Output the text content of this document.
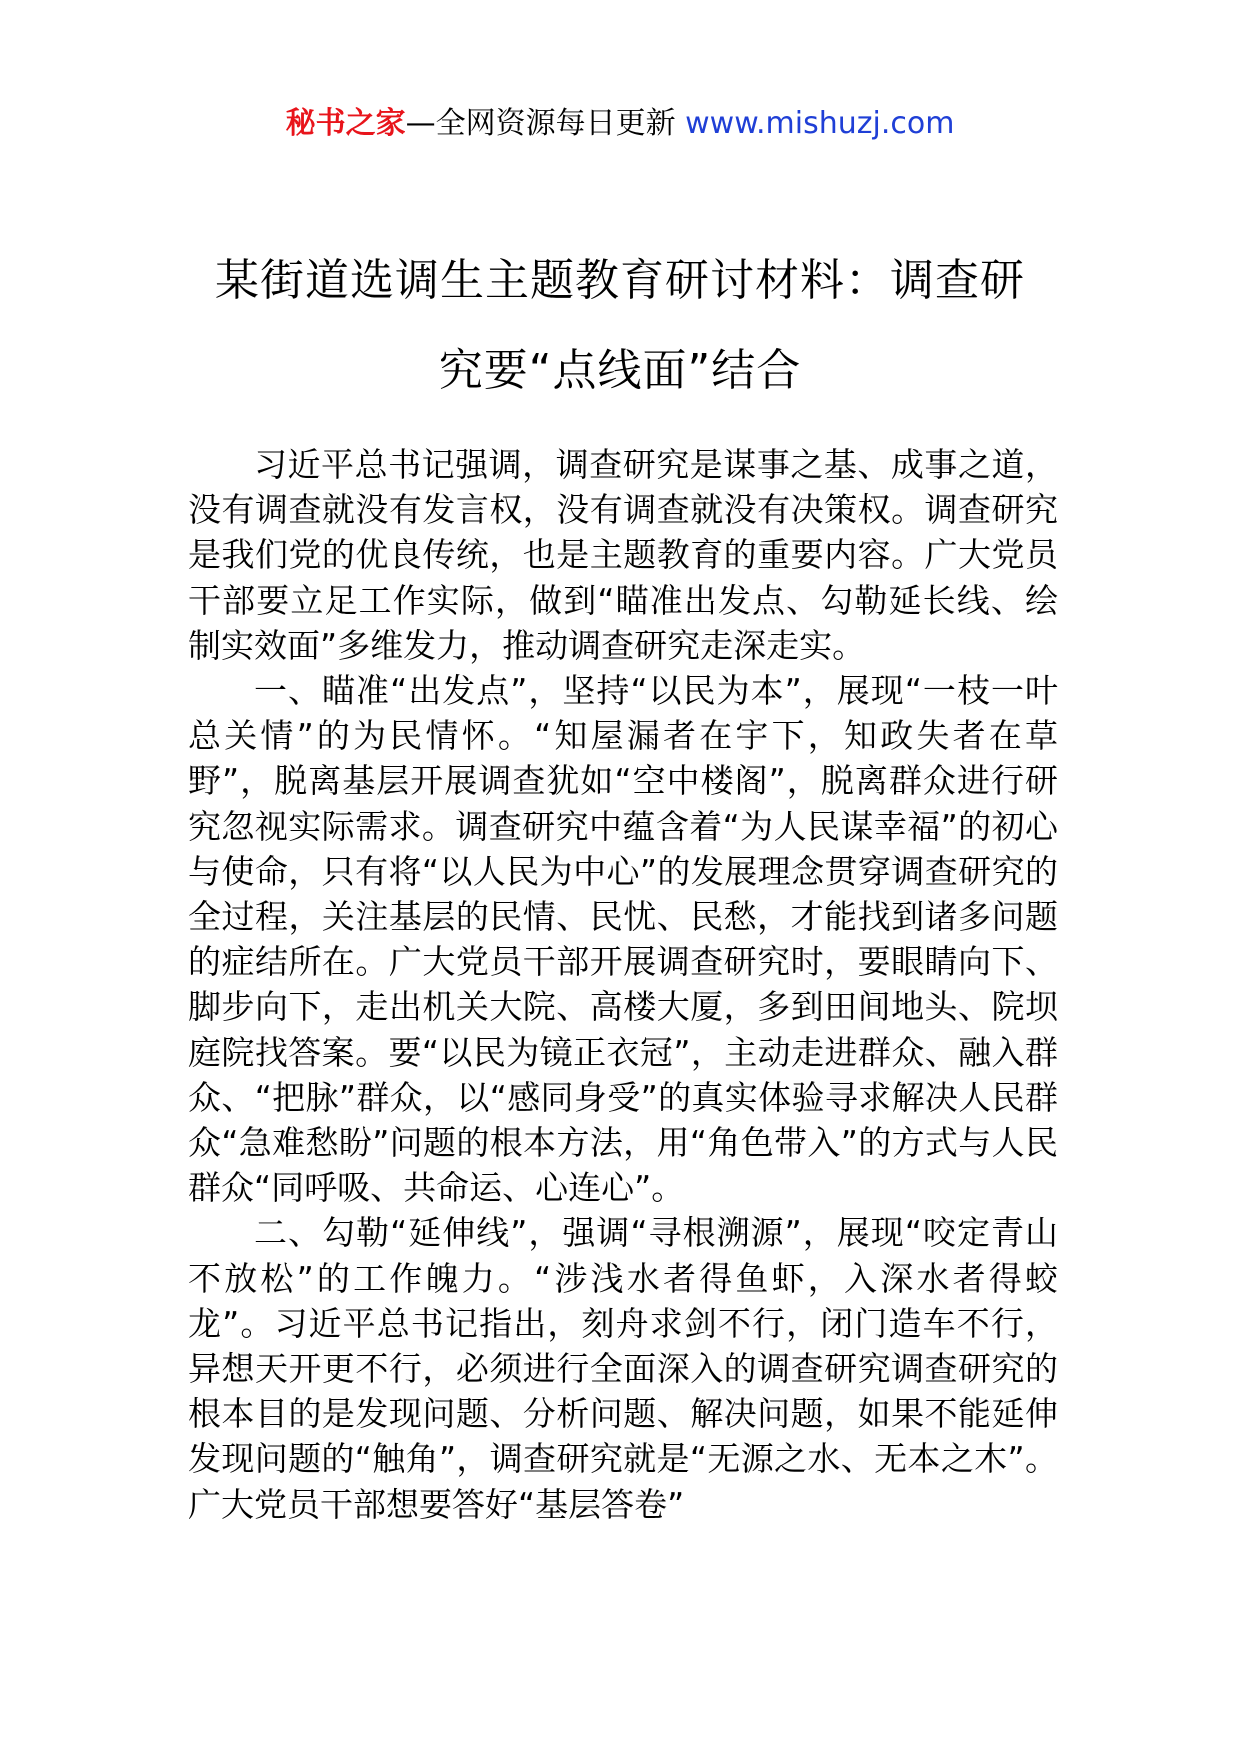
秘书之家—全网资源每日更新 www.mishuzj.com
某街道选调生主题教育研讨材料：调查研
究要“点线面”结合

习近平总书记强调，调查研究是谋事之基、成事之道，没有调查就没有发言权，没有调查就没有决策权。调查研究是我们党的优良传统，也是主题教育的重要内容。广大党员干部要立足工作实际，做到“瞄准出发点、勾勒延长线、绘制实效面”多维发力，推动调查研究走深走实。

一、瞄准“出发点”，坚持“以民为本”，展现“一枝一叶总关情”的为民情怀。“知屋漏者在宇下，知政失者在草野”，脱离基层开展调查犹如“空中楼阁”，脱离群众进行研究忽视实际需求。调查研究中蕴含着“为人民谋幸福”的初心与使命，只有将“以人民为中心”的发展理念贯穿调查研究的全过程，关注基层的民情、民忧、民愁，才能找到诸多问题的症结所在。广大党员干部开展调查研究时，要眼睛向下、脚步向下，走出机关大院、高楼大厦，多到田间地头、院坝庭院找答案。要“以民为镜正衣冠”，主动走进群众、融入群众、“把脉”群众，以“感同身受”的真实体验寻求解决人民群众“急难愁盼”问题的根本方法，用“角色带入”的方式与人民群众“同呼吸、共命运、心连心”。

二、勾勒“延伸线”，强调“寻根溯源”，展现“咬定青山不放松”的工作魄力。“涉浅水者得鱼虾，入深水者得蛟龙”。习近平总书记指出，刻舟求剑不行，闭门造车不行，异想天开更不行，必须进行全面深入的调查研究调查研究的根本目的是发现问题、分析问题、解决问题，如果不能延伸发现问题的“触角”，调查研究就是“无源之水、无本之木”。广大党员干部想要答好“基层答卷”
